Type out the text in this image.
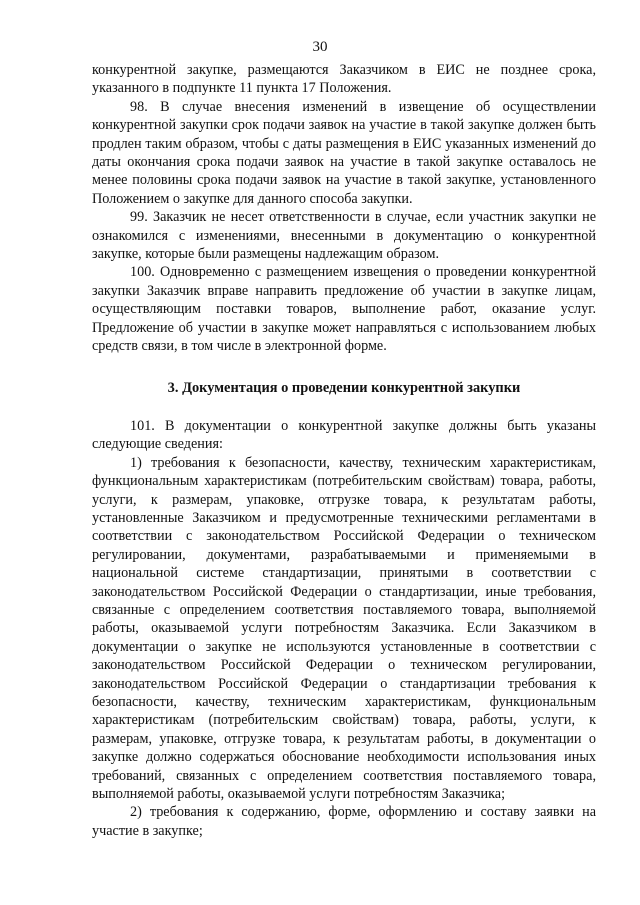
30

конкурентной закупке, размещаются Заказчиком в ЕИС не позднее срока, указанного в подпункте 11 пункта 17 Положения.

98. В случае внесения изменений в извещение об осуществлении конкурентной закупки срок подачи заявок на участие в такой закупке должен быть продлен таким образом, чтобы с даты размещения в ЕИС указанных изменений до даты окончания срока подачи заявок на участие в такой закупке оставалось не менее половины срока подачи заявок на участие в такой закупке, установленного Положением о закупке для данного способа закупки.

99. Заказчик не несет ответственности в случае, если участник закупки не ознакомился с изменениями, внесенными в документацию о конкурентной закупке, которые были размещены надлежащим образом.

100. Одновременно с размещением извещения о проведении конкурентной закупки Заказчик вправе направить предложение об участии в закупке лицам, осуществляющим поставки товаров, выполнение работ, оказание услуг. Предложение об участии в закупке может направляться с использованием любых средств связи, в том числе в электронной форме.

3. Документация о проведении конкурентной закупки

101. В документации о конкурентной закупке должны быть указаны следующие сведения:

1) требования к безопасности, качеству, техническим характеристикам, функциональным характеристикам (потребительским свойствам) товара, работы, услуги, к размерам, упаковке, отгрузке товара, к результатам работы, установленные Заказчиком и предусмотренные техническими регламентами в соответствии с законодательством Российской Федерации о техническом регулировании, документами, разрабатываемыми и применяемыми в национальной системе стандартизации, принятыми в соответствии с законодательством Российской Федерации о стандартизации, иные требования, связанные с определением соответствия поставляемого товара, выполняемой работы, оказываемой услуги потребностям Заказчика. Если Заказчиком в документации о закупке не используются установленные в соответствии с законодательством Российской Федерации о техническом регулировании, законодательством Российской Федерации о стандартизации требования к безопасности, качеству, техническим характеристикам, функциональным характеристикам (потребительским свойствам) товара, работы, услуги, к размерам, упаковке, отгрузке товара, к результатам работы, в документации о закупке должно содержаться обоснование необходимости использования иных требований, связанных с определением соответствия поставляемого товара, выполняемой работы, оказываемой услуги потребностям Заказчика;

2) требования к содержанию, форме, оформлению и составу заявки на участие в закупке;
